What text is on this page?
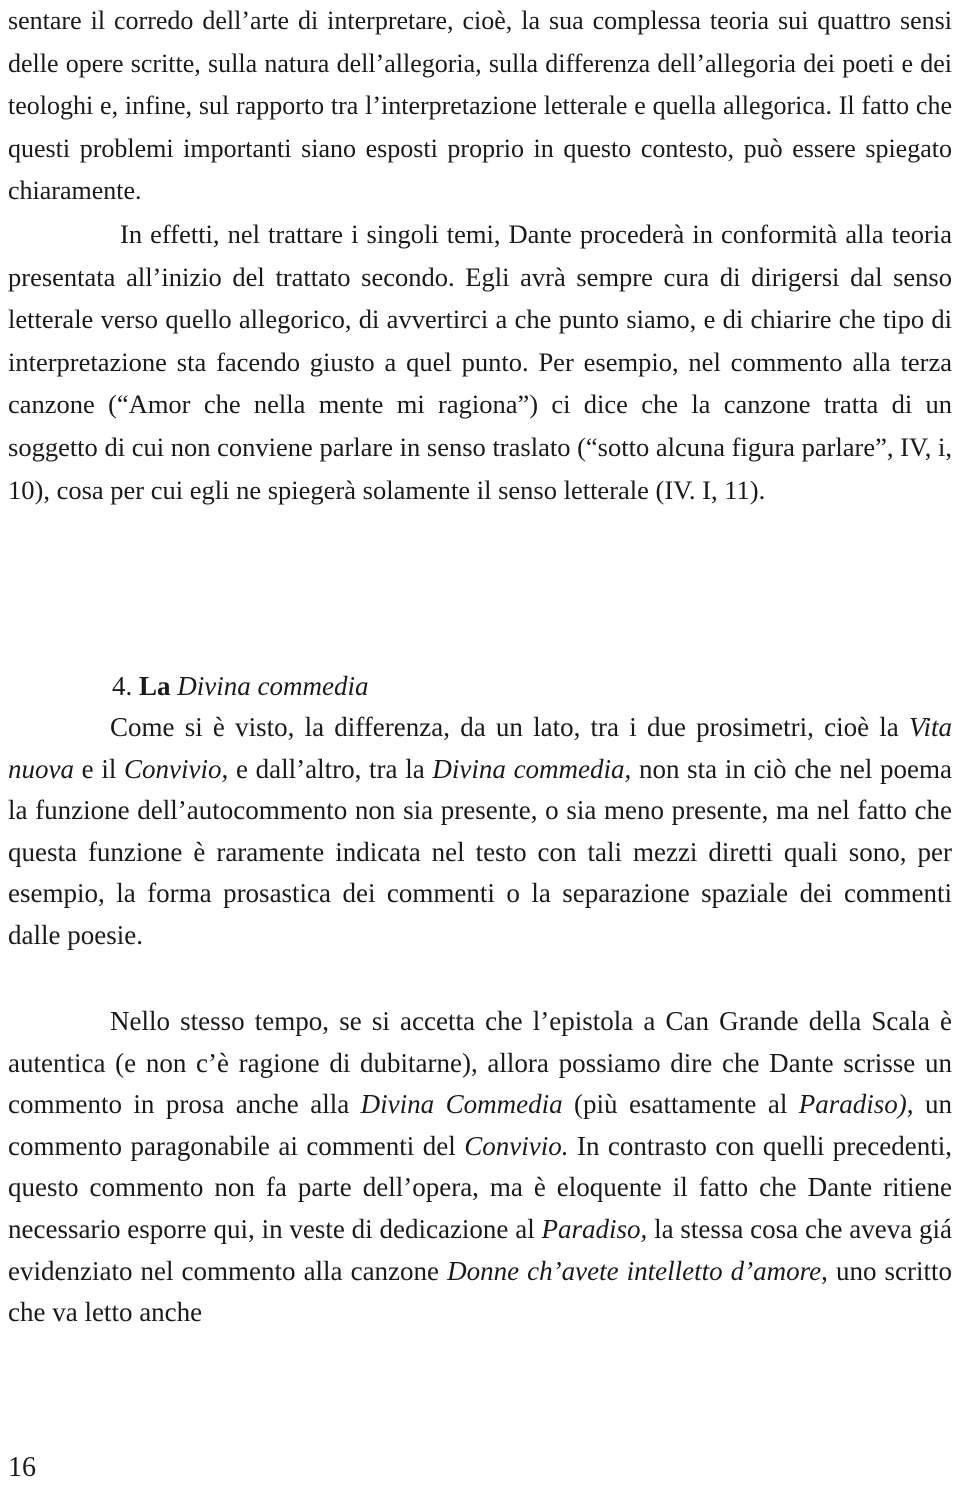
sentare il corredo dell’arte di interpretare, cioè, la sua complessa teoria sui quattro sensi delle opere scritte, sulla natura dell’allegoria, sulla differenza dell’allegoria dei poeti e dei teologhi e, infine, sul rapporto tra l’interpretazione letterale e quella allegorica. Il fatto che questi problemi importanti siano esposti proprio in questo contesto, può essere spiegato chiaramente.

In effetti, nel trattare i singoli temi, Dante procederà in conformità alla teoria presentata all’inizio del trattato secondo. Egli avrà sempre cura di dirigersi dal senso letterale verso quello allegorico, di avvertirci a che punto siamo, e di chiarire che tipo di interpretazione sta facendo giusto a quel punto. Per esempio, nel commento alla terza canzone (“Amor che nella mente mi ragiona”) ci dice che la canzone tratta di un soggetto di cui non conviene parlare in senso traslato (“sotto alcuna figura parlare”, IV, i, 10), cosa per cui egli ne spiegerà solamente il senso letterale (IV. I, 11).

4. La Divina commedia

Come si è visto, la differenza, da un lato, tra i due prosimetri, cioè la Vita nuova e il Convivio, e dall’altro, tra la Divina commedia, non sta in ciò che nel poema la funzione dell’autocommento non sia presente, o sia meno presente, ma nel fatto che questa funzione è raramente indicata nel testo con tali mezzi diretti quali sono, per esempio, la forma prosastica dei commenti o la separazione spaziale dei commenti dalle poesie.

Nello stesso tempo, se si accetta che l’epistola a Can Grande della Scala è autentica (e non c’è ragione di dubitarne), allora possiamo dire che Dante scrisse un commento in prosa anche alla Divina Commedia (più esattamente al Paradiso), un commento paragonabile ai commenti del Convivio. In contrasto con quelli precedenti, questo commento non fa parte dell’opera, ma è eloquente il fatto che Dante ritiene necessario esporre qui, in veste di dedicazione al Paradiso, la stessa cosa che aveva giá evidenziato nel commento alla canzone Donne ch’avete intelletto d’amore, uno scritto che va letto anche

16
